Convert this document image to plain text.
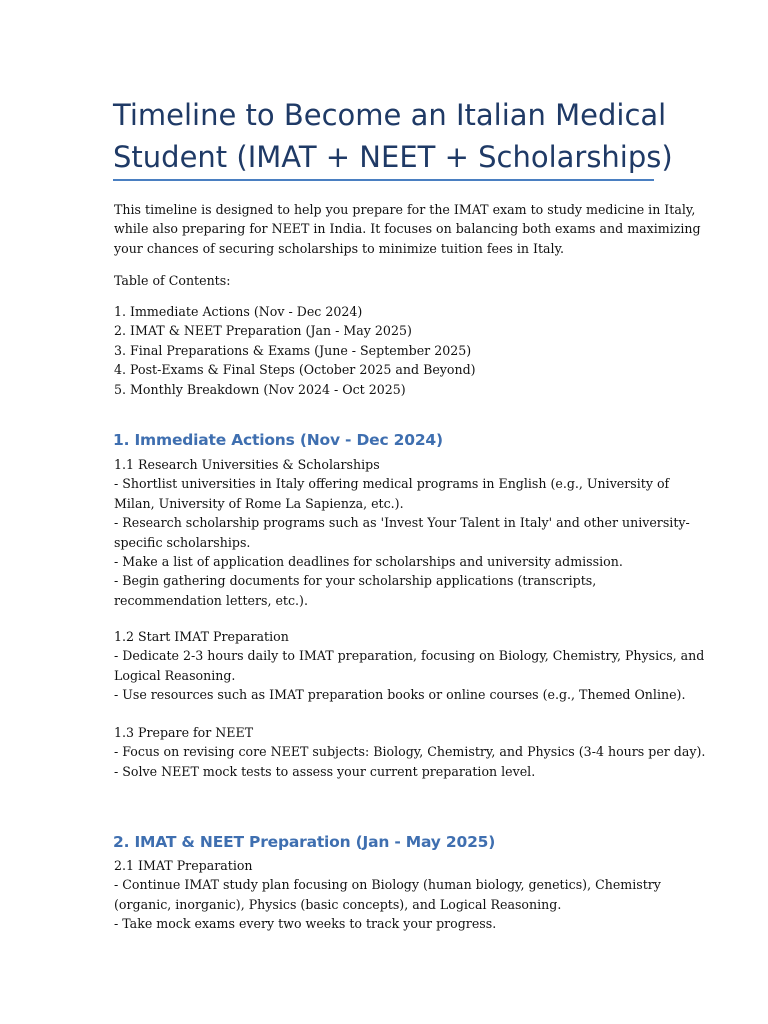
Timeline to Become an Italian Medical
Student (IMAT + NEET + Scholarships)
This timeline is designed to help you prepare for the IMAT exam to study medicine in Italy,
while also preparing for NEET in India. It focuses on balancing both exams and maximizing
your chances of securing scholarships to minimize tuition fees in Italy.
Table of Contents:
1. Immediate Actions (Nov - Dec 2024)
2. IMAT & NEET Preparation (Jan - May 2025)
3. Final Preparations & Exams (June - September 2025)
4. Post-Exams & Final Steps (October 2025 and Beyond)
5. Monthly Breakdown (Nov 2024 - Oct 2025)
1. Immediate Actions (Nov - Dec 2024)
1.1 Research Universities & Scholarships
- Shortlist universities in Italy offering medical programs in English (e.g., University of
Milan, University of Rome La Sapienza, etc.).
- Research scholarship programs such as 'Invest Your Talent in Italy' and other university-
specific scholarships.
- Make a list of application deadlines for scholarships and university admission.
- Begin gathering documents for your scholarship applications (transcripts,
recommendation letters, etc.).
1.2 Start IMAT Preparation
- Dedicate 2-3 hours daily to IMAT preparation, focusing on Biology, Chemistry, Physics, and
Logical Reasoning.
- Use resources such as IMAT preparation books or online courses (e.g., Themed Online).
1.3 Prepare for NEET
- Focus on revising core NEET subjects: Biology, Chemistry, and Physics (3-4 hours per day).
- Solve NEET mock tests to assess your current preparation level.
2. IMAT & NEET Preparation (Jan - May 2025)
2.1 IMAT Preparation
- Continue IMAT study plan focusing on Biology (human biology, genetics), Chemistry
(organic, inorganic), Physics (basic concepts), and Logical Reasoning.
- Take mock exams every two weeks to track your progress.
